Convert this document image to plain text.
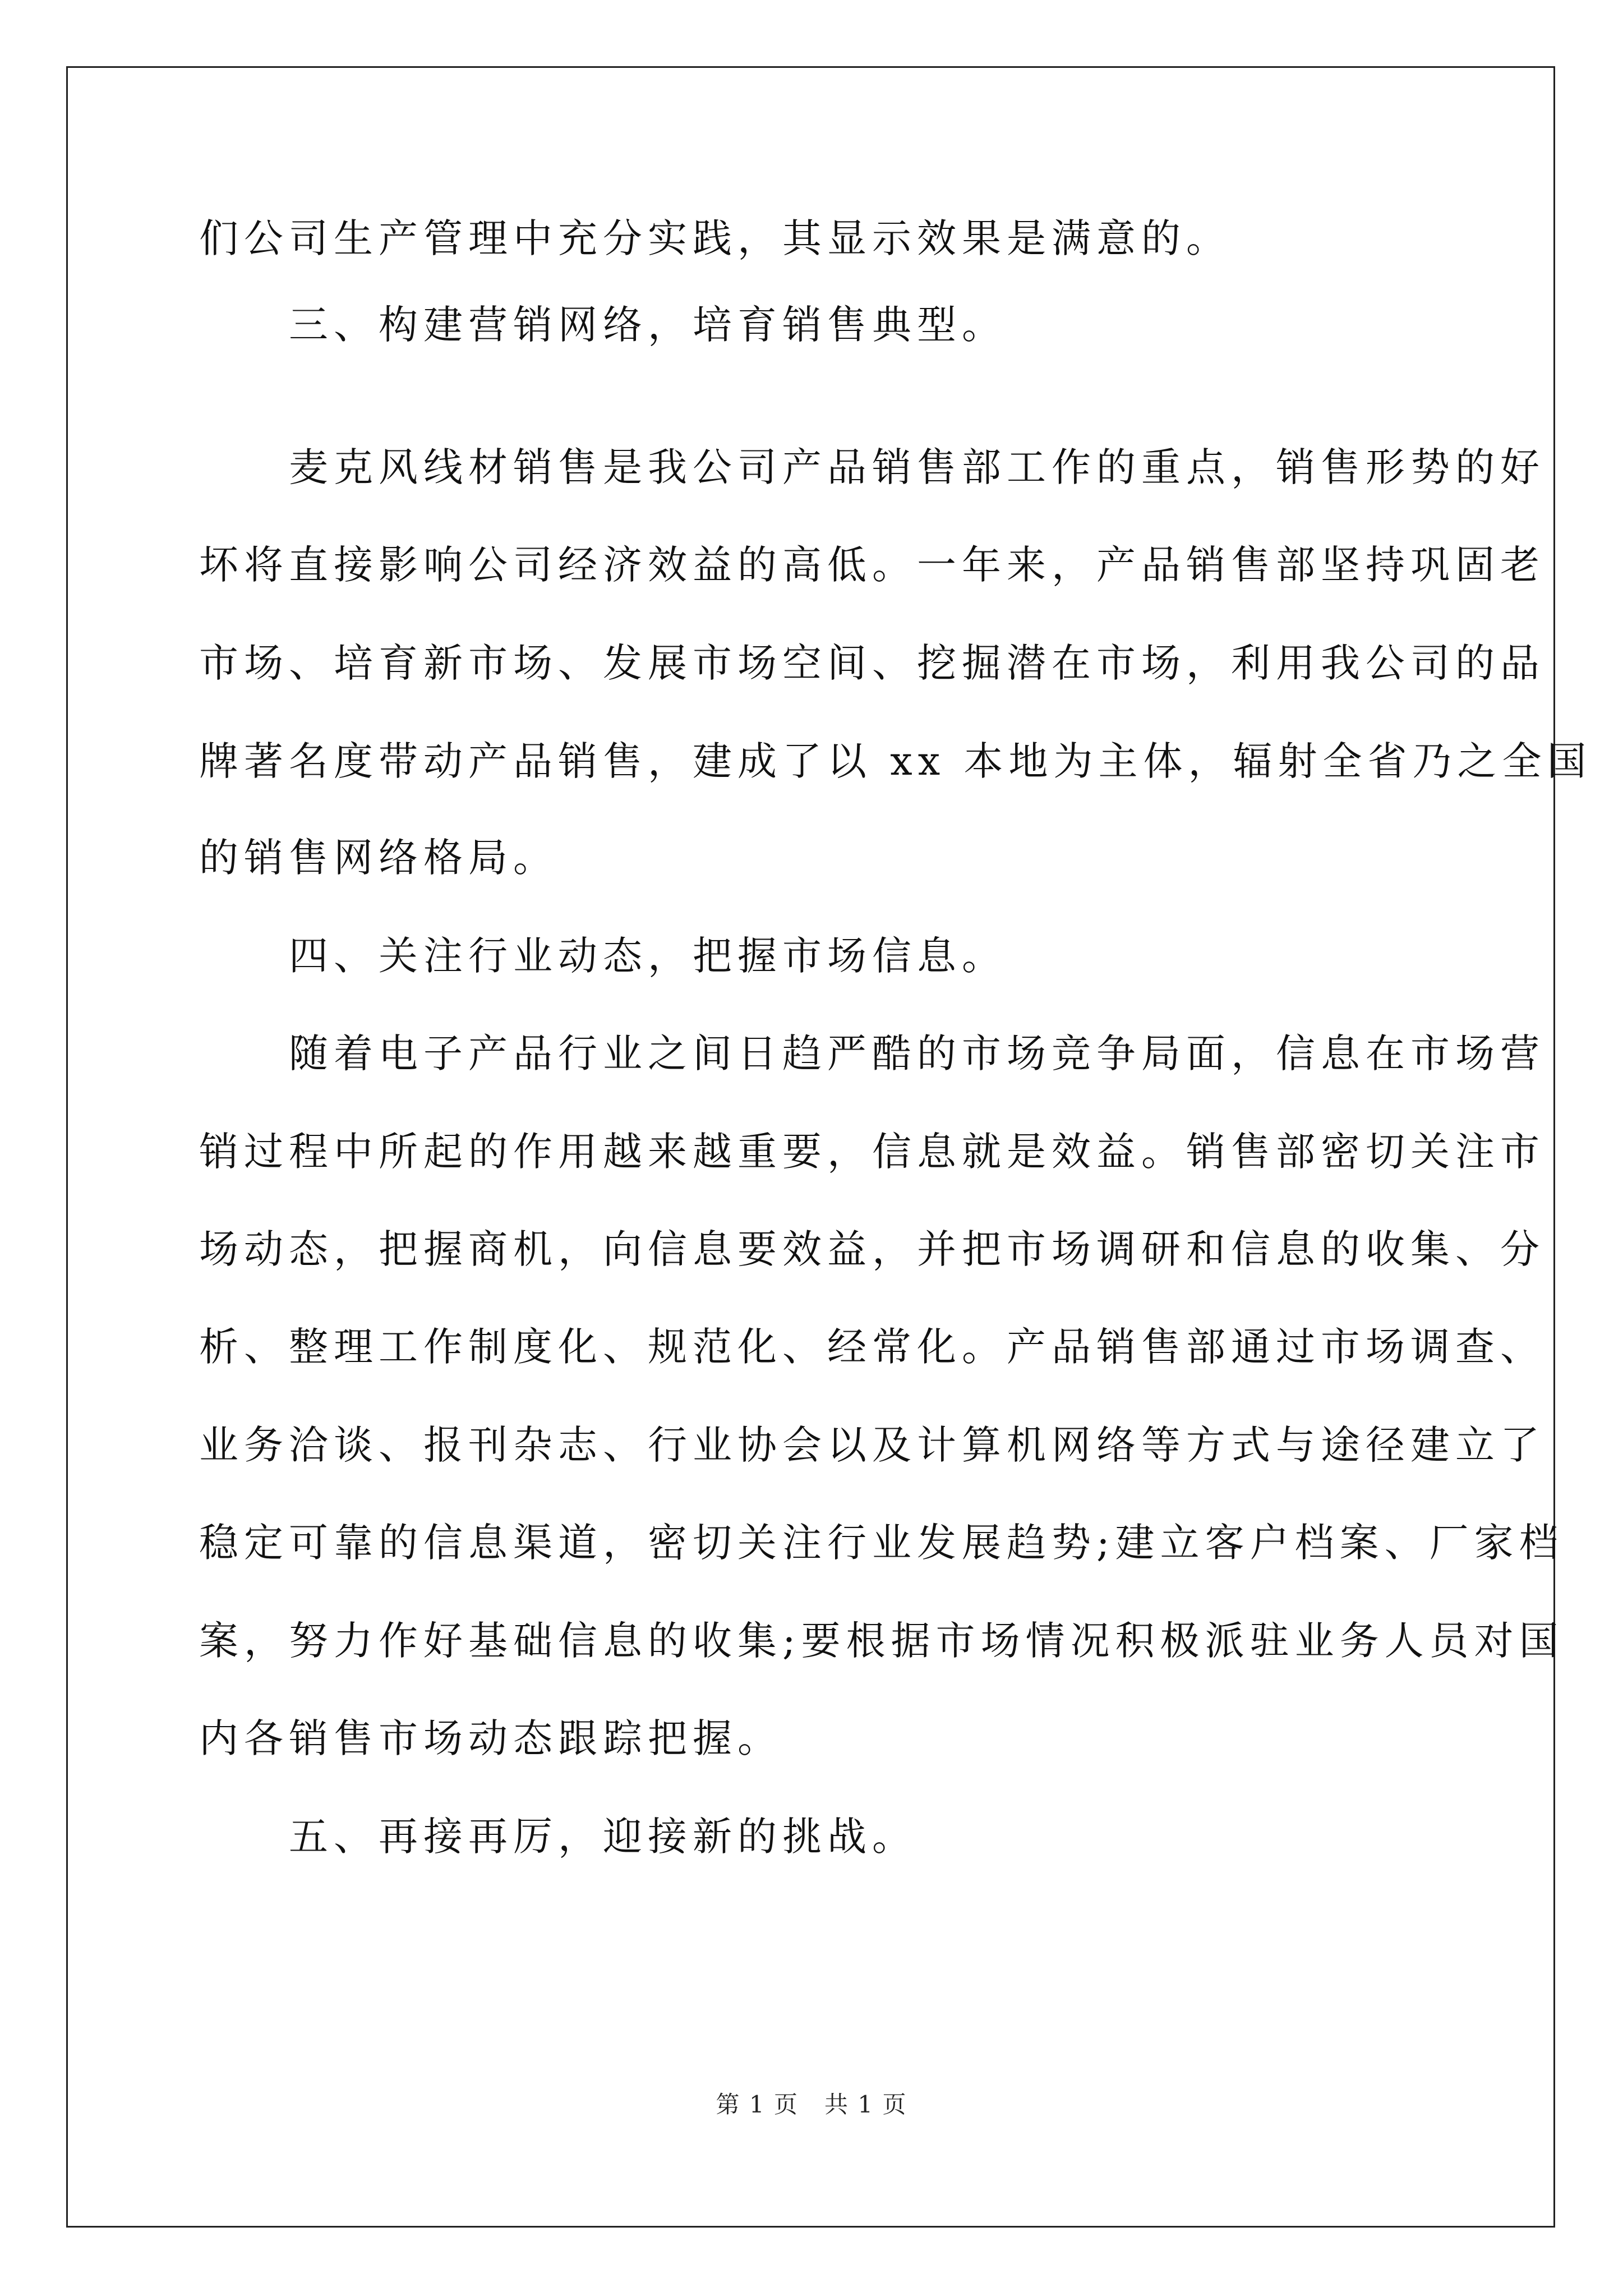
们公司生产管理中充分实践，其显示效果是满意的。
　　三、构建营销网络，培育销售典型。
　　麦克风线材销售是我公司产品销售部工作的重点，销售形势的好
坏将直接影响公司经济效益的高低。一年来，产品销售部坚持巩固老
市场、培育新市场、发展市场空间、挖掘潜在市场，利用我公司的品
牌著名度带动产品销售，建成了以 xx 本地为主体，辐射全省乃之全国
的销售网络格局。
　　四、关注行业动态，把握市场信息。
　　随着电子产品行业之间日趋严酷的市场竞争局面，信息在市场营
销过程中所起的作用越来越重要，信息就是效益。销售部密切关注市
场动态，把握商机，向信息要效益，并把市场调研和信息的收集、分
析、整理工作制度化、规范化、经常化。产品销售部通过市场调查、
业务洽谈、报刊杂志、行业协会以及计算机网络等方式与途径建立了
稳定可靠的信息渠道，密切关注行业发展趋势;建立客户档案、厂家档
案，努力作好基础信息的收集;要根据市场情况积极派驻业务人员对国
内各销售市场动态跟踪把握。
　　五、再接再厉，迎接新的挑战。
第 1 页   共 1 页
